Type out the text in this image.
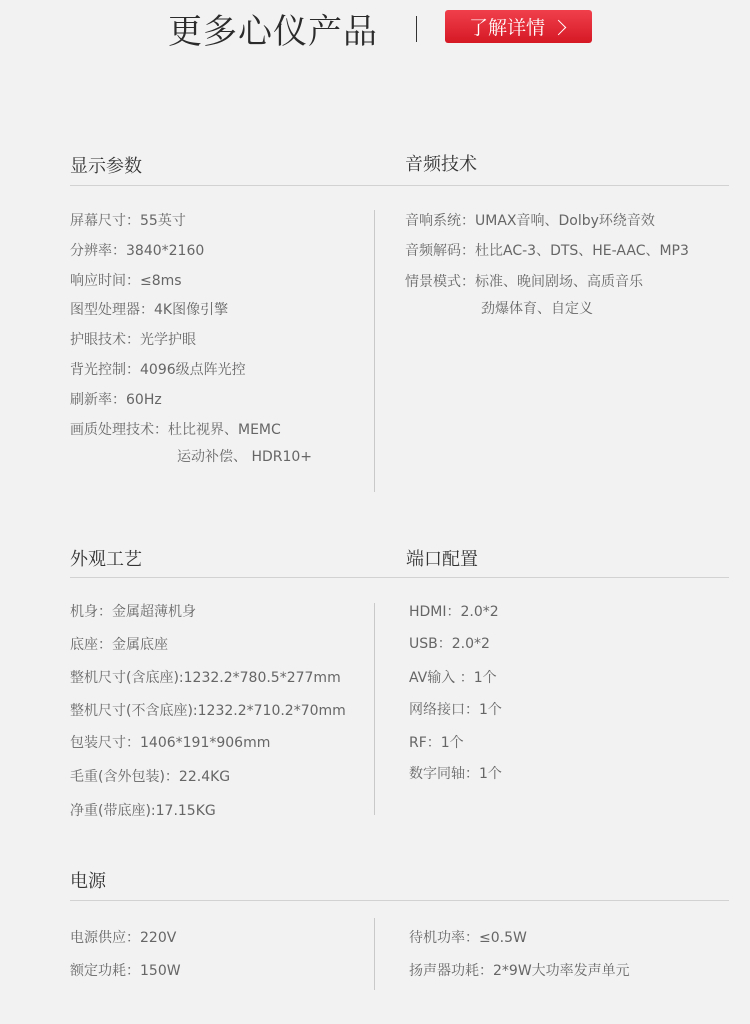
更多心仪产品	了解详情
显示参数	音频技术
屏幕尺寸：55英寸
分辨率：3840*2160
响应时间：≤8ms
图型处理器：4K图像引擎
护眼技术：光学护眼
背光控制：4096级点阵光控
刷新率：60Hz
画质处理技术：杜比视界、MEMC
运动补偿、 HDR10+
音响系统：UMAX音响、Dolby环绕音效
音频解码：杜比AC-3、DTS、HE-AAC、MP3
情景模式：标准、晚间剧场、高质音乐
劲爆体育、自定义
外观工艺	端口配置
机身：金属超薄机身
底座：金属底座
整机尺寸(含底座):1232.2*780.5*277mm
整机尺寸(不含底座):1232.2*710.2*70mm
包装尺寸：1406*191*906mm
毛重(含外包装)：22.4KG
净重(带底座):17.15KG
HDMI：2.0*2
USB：2.0*2
AV输入 ：1个
网络接口：1个
RF：1个
数字同轴：1个
电源
电源供应：220V
额定功耗：150W
待机功率：≤0.5W
扬声器功耗：2*9W大功率发声单元
